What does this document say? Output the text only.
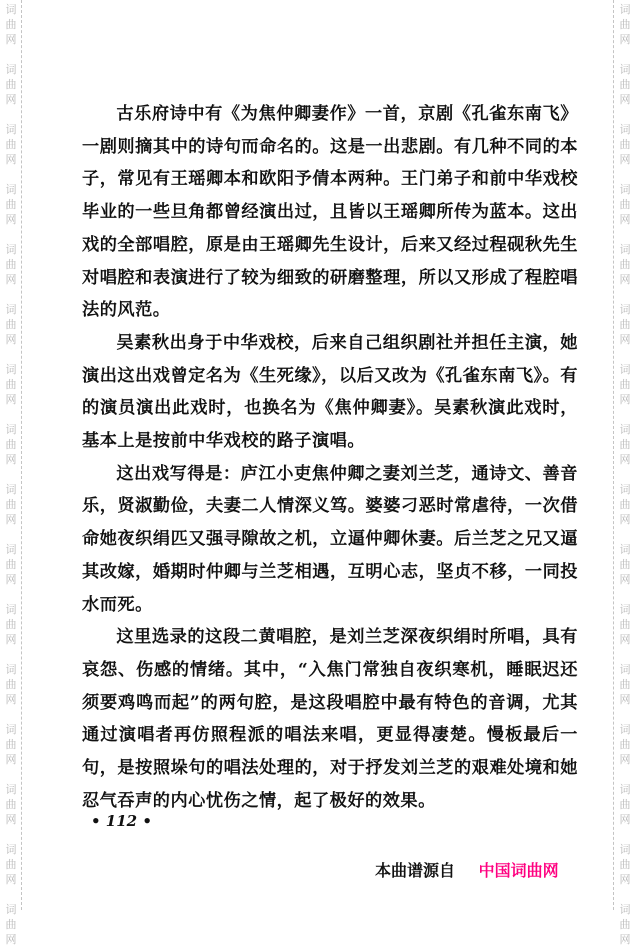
词
曲
网
词
曲
网
词
曲
网
词
曲
网
词
曲
网
词
曲
网
词
曲
网
词
曲
网
词
曲
网
词
曲
网
词
曲
网
词
曲
网
词
曲
网
词
曲
网
词
曲
网
词
曲
网
词
曲
网
词
曲
网
词
曲
网
词
曲
网
词
曲
网
词
曲
网
词
曲
网
词
曲
网
词
曲
网
词
曲
网
词
曲
网
词
曲
网
词
曲
网
词
曲
网
词
曲
网
词
曲
网

古乐府诗中有《为焦仲卿妻作》一首，京剧《孔雀东南飞》一剧则摘其中的诗句而命名的。这是一出悲剧。有几种不同的本子，常见有王瑶卿本和欧阳予倩本两种。王门弟子和前中华戏校毕业的一些旦角都曾经演出过，且皆以王瑶卿所传为蓝本。这出戏的全部唱腔，原是由王瑶卿先生设计，后来又经过程砚秋先生对唱腔和表演进行了较为细致的研磨整理，所以又形成了程腔唱法的风范。

吴素秋出身于中华戏校，后来自己组织剧社并担任主演，她演出这出戏曾定名为《生死缘》，以后又改为《孔雀东南飞》。有的演员演出此戏时，也换名为《焦仲卿妻》。吴素秋演此戏时，基本上是按前中华戏校的路子演唱。

这出戏写得是：庐江小吏焦仲卿之妻刘兰芝，通诗文、善音乐，贤淑勤俭，夫妻二人情深义笃。婆婆刁恶时常虐待，一次借命她夜织绢匹又强寻隙故之机，立逼仲卿休妻。后兰芝之兄又逼其改嫁，婚期时仲卿与兰芝相遇，互明心志，坚贞不移，一同投水而死。

这里选录的这段二黄唱腔，是刘兰芝深夜织绢时所唱，具有哀怨、伤感的情绪。其中，“入焦门常独自夜织寒机，睡眠迟还须要鸡鸣而起”的两句腔，是这段唱腔中最有特色的音调，尤其通过演唱者再仿照程派的唱法来唱，更显得凄楚。慢板最后一句，是按照垛句的唱法处理的，对于抒发刘兰芝的艰难处境和她忍气吞声的内心忧伤之情，起了极好的效果。

• 112 •
本曲谱源自 中国词曲网
